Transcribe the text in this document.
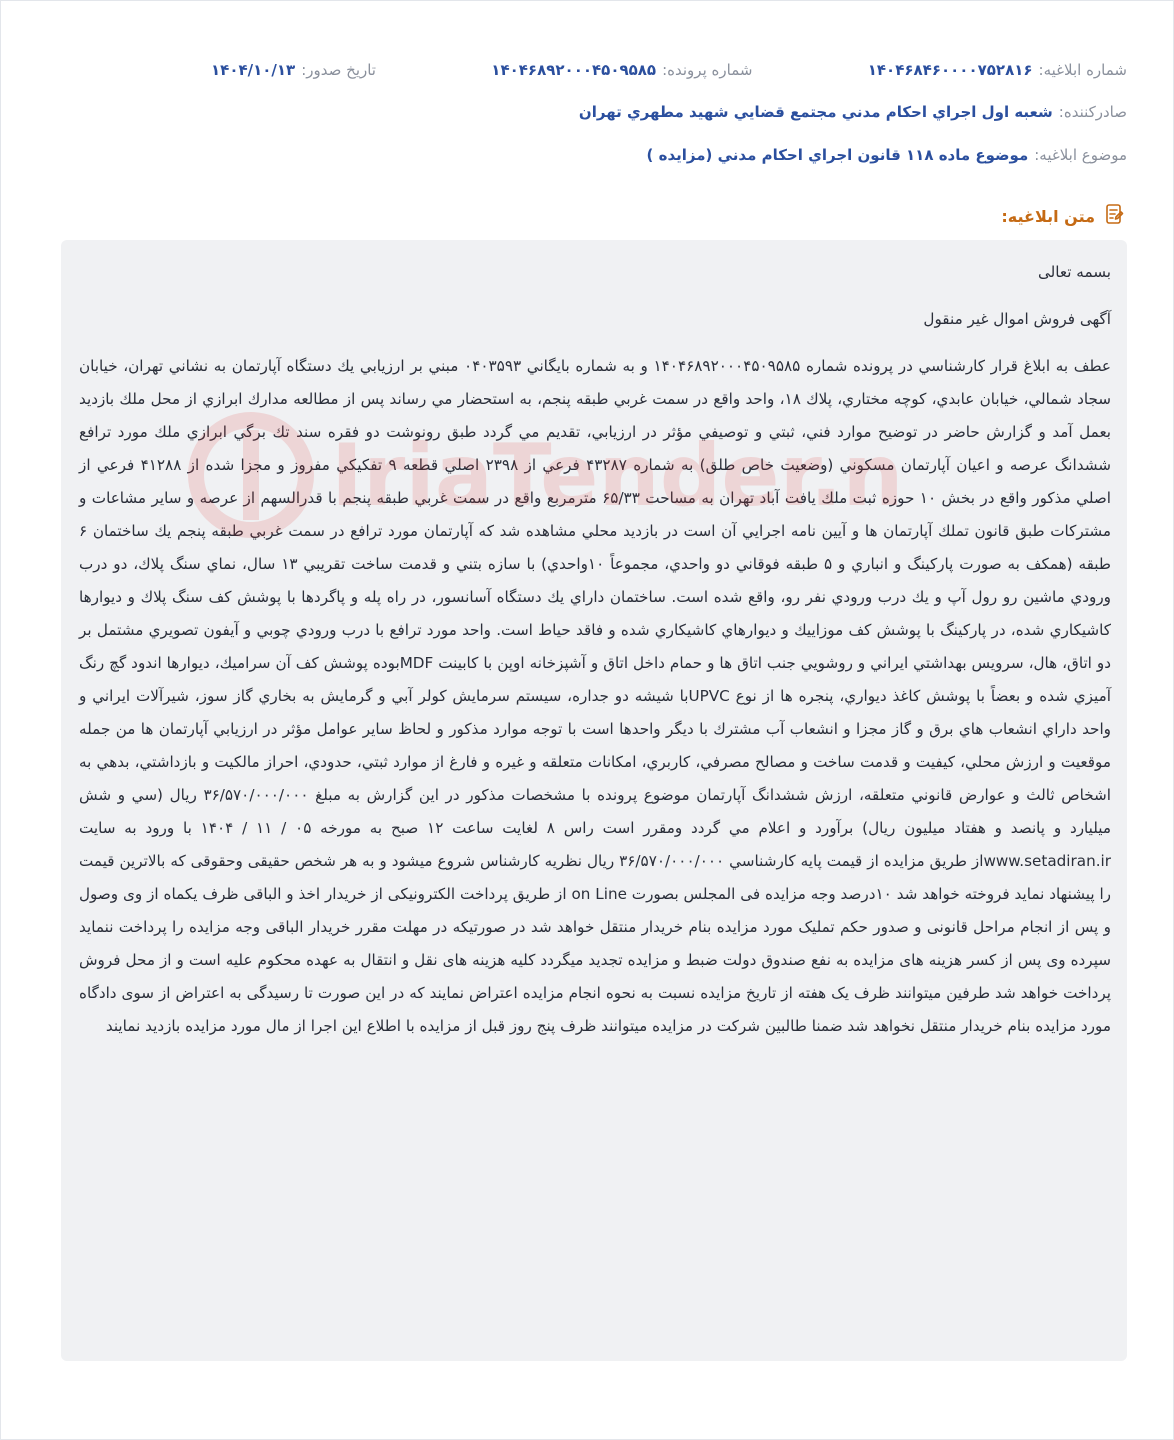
شماره ابلاغیه:
۱۴۰۴۶۸۴۶۰۰۰۰۷۵۲۸۱۶
شماره پرونده:
۱۴۰۴۶۸۹۲۰۰۰۴۵۰۹۵۸۵
تاریخ صدور:
۱۴۰۴/۱۰/۱۳
صادرکننده:
شعبه اول اجراي احكام مدني مجتمع قضايي شهيد مطهري تهران
موضوع ابلاغیه:
موضوع ماده ۱۱۸ قانون اجراي احكام مدني (مزايده )
متن ابلاغیه:
IriaTender.n

بسمه تعالی

آگهی فروش اموال غیر منقول

عطف به ابلاغ قرار كارشناسي در پرونده شماره ۱۴۰۴۶۸۹۲۰۰۰۴۵۰۹۵۸۵ و به شماره بايگاني ۰۴۰۳۵۹۳ مبني بر ارزيابي يك دستگاه آپارتمان به نشاني تهران، خيابان سجاد شمالي، خيابان عابدي، كوچه مختاري، پلاك ۱۸، واحد واقع در سمت غربي طبقه پنجم، به استحضار مي رساند پس از مطالعه مدارك ابرازي از محل ملك بازديد بعمل آمد و گزارش حاضر در توضيح موارد فني، ثبتي و توصيفي مؤثر در ارزيابي، تقديم مي گردد طبق رونوشت دو فقره سند تك برگي ابرازي ملك مورد ترافع ششدانگ عرصه و اعيان آپارتمان مسكوني (وضعيت خاص طلق) به شماره ۴۳۲۸۷ فرعي از ۲۳۹۸ اصلي قطعه ۹ تفكيكي مفروز و مجزا شده از ۴۱۲۸۸ فرعي از اصلي مذكور واقع در بخش ۱۰ حوزه ثبت ملك يافت آباد تهران به مساحت ۶۵/۳۳ مترمربع واقع در سمت غربي طبقه پنجم با قدرالسهم از عرصه و ساير مشاعات و مشتركات طبق قانون تملك آپارتمان ها و آيين نامه اجرايي آن است در بازديد محلي مشاهده شد كه آپارتمان مورد ترافع در سمت غربي طبقه پنجم يك ساختمان ۶ طبقه (همكف به صورت پاركينگ و انباري و ۵ طبقه فوقاني دو واحدي، مجموعاً ۱۰واحدي) با سازه بتني و قدمت ساخت تقريبي ۱۳ سال، نماي سنگ پلاك، دو درب ورودي ماشين رو رول آپ و يك درب ورودي نفر رو، واقع شده است. ساختمان داراي يك دستگاه آسانسور، در راه پله و پاگردها با پوشش كف سنگ پلاك و ديوارها كاشيكاري شده، در پاركينگ با پوشش كف موزاييك و ديوارهاي كاشيكاري شده و فاقد حياط است. واحد مورد ترافع با درب ورودي چوبي و آيفون تصويري مشتمل بر دو اتاق، هال، سرويس بهداشتي ايراني و روشويي جنب اتاق ها و حمام داخل اتاق و آشپزخانه اوپن با كابينت MDFبوده پوشش كف آن سراميك، ديوارها اندود گچ رنگ آميزي شده و بعضاً با پوشش كاغذ ديواري، پنجره ها از نوع UPVCبا شيشه دو جداره، سيستم سرمايش كولر آبي و گرمايش به بخاري گاز سوز، شيرآلات ايراني و واحد داراي انشعاب هاي برق و گاز مجزا و انشعاب آب مشترك با ديگر واحدها است با توجه موارد مذكور و لحاظ ساير عوامل مؤثر در ارزيابي آپارتمان ها من جمله موقعيت و ارزش محلي، كيفيت و قدمت ساخت و مصالح مصرفي، كاربري، امكانات متعلقه و غيره و فارغ از موارد ثبتي، حدودي، احراز مالكيت و بازداشتي، بدهي به اشخاص ثالث و عوارض قانوني متعلقه، ارزش ششدانگ آپارتمان موضوع پرونده با مشخصات مذكور در اين گزارش به مبلغ ۳۶/۵۷۰/۰۰۰/۰۰۰ ريال (سي و شش ميليارد و پانصد و هفتاد ميليون ريال) برآورد و اعلام مي گردد ومقرر است راس ۸ لغایت ساعت ۱۲ صبح به مورخه ۰۵ / ۱۱ / ۱۴۰۴ با ورود به سایت www.setadiran.irاز طريق مزايده از قيمت پايه كارشناسي ۳۶/۵۷۰/۰۰۰/۰۰۰ ريال نظریه کارشناس شروع میشود و به هر شخص حقیقی وحقوقی که بالاترین قیمت را پیشنهاد نماید فروخته خواهد شد ۱۰درصد وجه مزایده فی المجلس بصورت on Line از طريق پرداخت الکترونیکی از خریدار اخذ و الباقی ظرف یکماه از وی وصول و پس از انجام مراحل قانونی و صدور حکم تملیک مورد مزایده بنام خریدار منتقل خواهد شد در صورتیکه در مهلت مقرر خریدار الباقی وجه مزایده را پرداخت ننماید سپرده وی پس از کسر هزینه های مزایده به نفع صندوق دولت ضبط و مزایده تجدید میگردد کلیه هزینه های نقل و انتقال به عهده محکوم علیه است و از محل فروش پرداخت خواهد شد طرفین میتوانند ظرف یک هفته از تاریخ مزایده نسبت به نحوه انجام مزایده اعتراض نمایند که در این صورت تا رسیدگی به اعتراض از سوی دادگاه مورد مزایده بنام خریدار منتقل نخواهد شد ضمنا طالبین شرکت در مزایده میتوانند ظرف پنج روز قبل از مزایده با اطلاع این اجرا از مال مورد مزایده بازدید نمایند
